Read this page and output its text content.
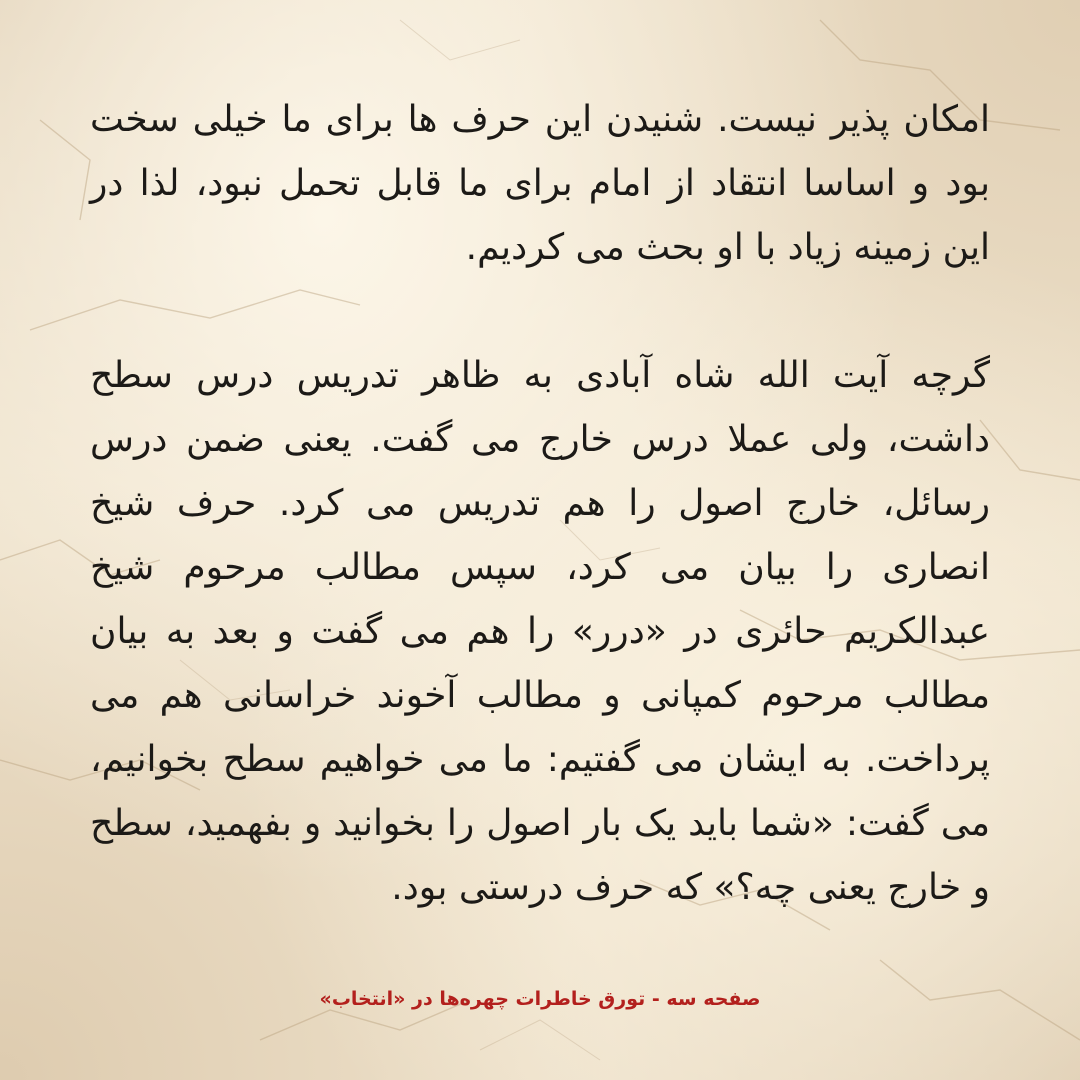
امکان پذیر نیست. شنیدن این حرف ها برای ما خیلی سخت بود و اساسا انتقاد از امام برای ما قابل تحمل نبود، لذا در این زمینه زیاد با او بحث می کردیم.

گرچه آیت الله شاه آبادی به ظاهر تدریس درس سطح داشت، ولی عملا درس خارج می گفت. یعنی ضمن درس رسائل، خارج اصول را هم تدریس می کرد. حرف شیخ انصاری را بیان می کرد، سپس مطالب مرحوم شیخ عبدالکریم حائری در «درر» را هم می گفت و بعد به بیان مطالب مرحوم کمپانی و مطالب آخوند خراسانی هم می پرداخت. به ایشان می گفتیم: ما می خواهیم سطح بخوانیم، می گفت: «شما باید یک بار اصول را بخوانید و بفهمید، سطح و خارج یعنی چه؟» که حرف درستی بود.

صفحه سه - تورق خاطرات چهره‌ها در «انتخاب»
